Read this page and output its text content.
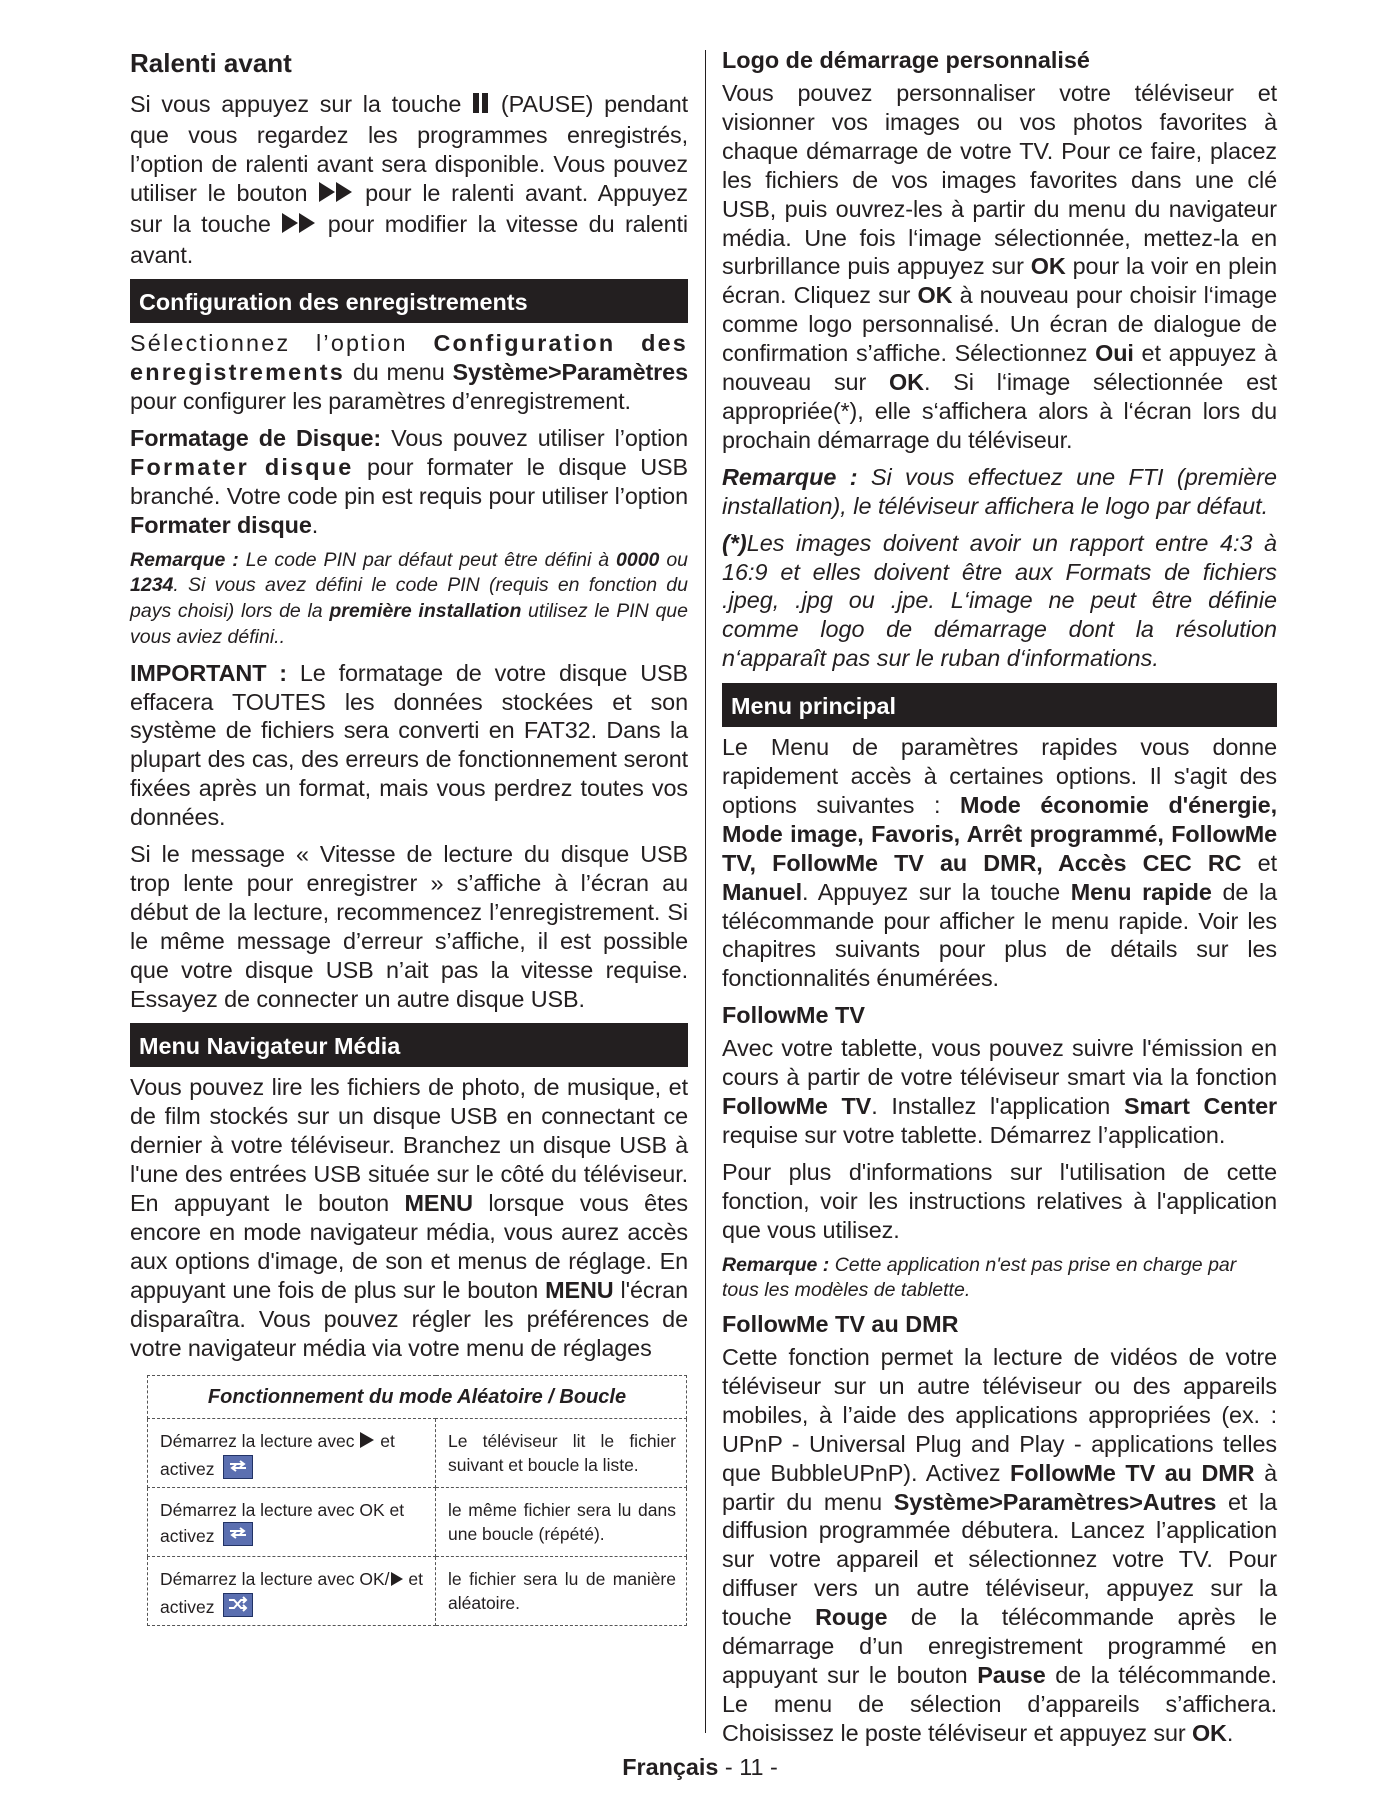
Ralenti avant

Si vous appuyez sur la touche  (PAUSE) pendant que vous regardez les programmes enregistrés, l’option de ralenti avant sera disponible. Vous pouvez utiliser le bouton  pour le ralenti avant. Appuyez sur la touche  pour modifier la vitesse du ralenti avant.

Configuration des enregistrements

Sélectionnez l’option Configuration des enregistrements du menu Système>Paramètres pour configurer les paramètres d’enregistrement.

Formatage de Disque: Vous pouvez utiliser l’option Formater disque pour formater le disque USB branché. Votre code pin est requis pour utiliser l’option Formater disque.

Remarque : Le code PIN par défaut peut être défini à 0000 ou 1234. Si vous avez défini le code PIN (requis en fonction du pays choisi) lors de la première installation utilisez le PIN que vous aviez défini..

IMPORTANT : Le formatage de votre disque USB effacera TOUTES les données stockées et son système de fichiers sera converti en FAT32. Dans la plupart des cas, des erreurs de fonctionnement seront fixées après un format, mais vous perdrez toutes vos données.

Si le message « Vitesse de lecture du disque USB trop lente pour enregistrer » s’affiche à l’écran au début de la lecture, recommencez l’enregistrement. Si le même message d’erreur s’affiche, il est possible que votre disque USB n’ait pas la vitesse requise. Essayez de connecter un autre disque USB.

Menu Navigateur Média

Vous pouvez lire les fichiers de photo, de musique, et de film stockés sur un disque USB en connectant ce dernier à votre téléviseur. Branchez un disque USB à l'une des entrées USB située sur le côté du téléviseur. En appuyant le bouton MENU lorsque vous êtes encore en mode navigateur média, vous aurez accès aux options d'image, de son et menus de réglage. En appuyant une fois de plus sur le bouton MENU l'écran disparaîtra. Vous pouvez régler les préférences de votre navigateur média via votre menu de réglages

Fonctionnement du mode Aléatoire / Boucle	
Démarrez la lecture avec  et activez	Le téléviseur lit le fichier suivant et boucle la liste.
Démarrez la lecture avec OK et activez	le même fichier sera lu dans une boucle (répété).
Démarrez la lecture avec OK/ et activez	le fichier sera lu de manière aléatoire.
Logo de démarrage personnalisé

Vous pouvez personnaliser votre téléviseur et visionner vos images ou vos photos favorites à chaque démarrage de votre TV. Pour ce faire, placez les fichiers de vos images favorites dans une clé USB, puis ouvrez-les à partir du menu du navigateur média. Une fois l‘image sélectionnée, mettez-la en surbrillance puis appuyez sur OK pour la voir en plein écran. Cliquez sur OK à nouveau pour choisir l‘image comme logo personnalisé. Un écran de dialogue de confirmation s’affiche. Sélectionnez Oui et appuyez à nouveau sur OK. Si l‘image sélectionnée est appropriée(*), elle s‘affichera alors à l‘écran lors du prochain démarrage du téléviseur.

Remarque : Si vous effectuez une FTI (première installation), le téléviseur affichera le logo par défaut.

(*)Les images doivent avoir un rapport entre 4:3 à 16:9 et elles doivent être aux Formats de fichiers .jpeg, .jpg ou .jpe. L‘image ne peut être définie comme logo de démarrage dont la résolution n‘apparaît pas sur le ruban d‘informations.

Menu principal

Le Menu de paramètres rapides vous donne rapidement accès à certaines options. Il s'agit des options suivantes : Mode économie d'énergie, Mode image, Favoris, Arrêt programmé, FollowMe TV, FollowMe TV au DMR, Accès CEC RC et Manuel. Appuyez sur la touche Menu rapide de la télécommande pour afficher le menu rapide. Voir les chapitres suivants pour plus de détails sur les fonctionnalités énumérées.

FollowMe TV

Avec votre tablette, vous pouvez suivre l'émission en cours à partir de votre téléviseur smart via la fonction FollowMe TV. Installez l'application Smart Center requise sur votre tablette. Démarrez l’application.

Pour plus d'informations sur l'utilisation de cette fonction, voir les instructions relatives à l'application que vous utilisez.

Remarque : Cette application n'est pas prise en charge par tous les modèles de tablette.

FollowMe TV au DMR

Cette fonction permet la lecture de vidéos de votre téléviseur sur un autre téléviseur ou des appareils mobiles, à l’aide des applications appropriées (ex. : UPnP - Universal Plug and Play - applications telles que BubbleUPnP). Activez FollowMe TV au DMR à partir du menu Système>Paramètres>Autres et la diffusion programmée débutera. Lancez l’application sur votre appareil et sélectionnez votre TV. Pour diffuser vers un autre téléviseur, appuyez sur la touche Rouge de la télécommande après le démarrage d’un enregistrement programmé en appuyant sur le bouton Pause de la télécommande. Le menu de sélection d’appareils s’affichera. Choisissez le poste téléviseur et appuyez sur OK.

Français - 11 -
